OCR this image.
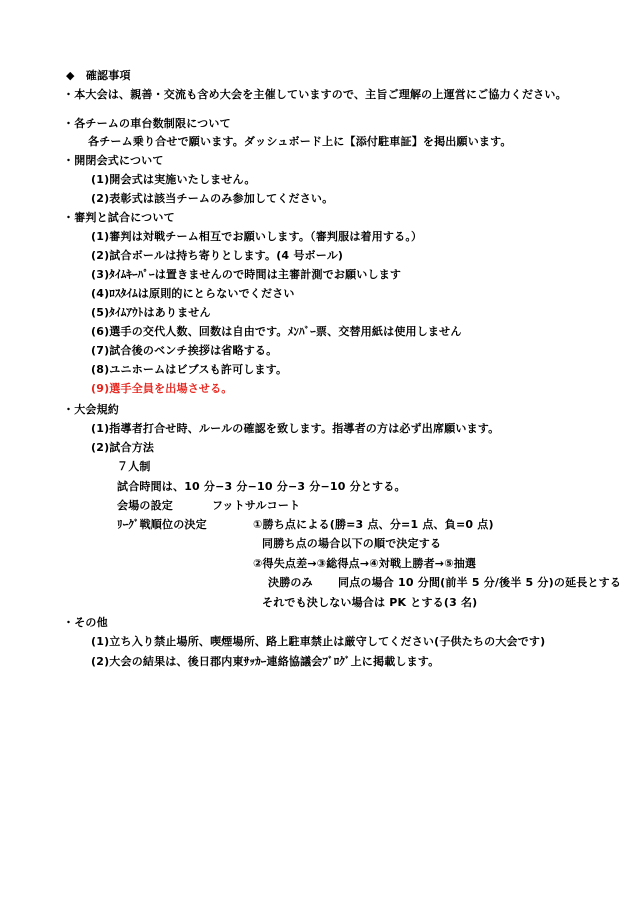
◆　確認事項
・本大会は、親善・交流も含め大会を主催していますので、主旨ご理解の上運営にご協力ください。
・各チームの車台数制限について
各チーム乗り合せで願います。ダッシュボード上に【添付駐車証】を掲出願います。
・開閉会式について
(1)開会式は実施いたしません。
(2)表彰式は該当チームのみ参加してください。
・審判と試合について
(1)審判は対戦チーム相互でお願いします。（審判服は着用する。）
(2)試合ボールは持ち寄りとします。(4 号ボール)
(3)ﾀｲﾑｷｰﾊﾟｰは置きませんので時間は主審計測でお願いします
(4)ﾛｽﾀｲﾑは原則的にとらないでください
(5)ﾀｲﾑｱｳﾄはありません
(6)選手の交代人数、回数は自由です。ﾒﾝﾊﾞｰ票、交替用紙は使用しません
(7)試合後のベンチ挨拶は省略する。
(8)ユニホームはビブスも許可します。
(9)選手全員を出場させる。
・大会規約
(1)指導者打合せ時、ルールの確認を致します。指導者の方は必ず出席願います。
(2)試合方法
７人制
試合時間は、10 分−3 分−10 分−3 分−10 分とする。
会場の設定	フットサルコート
ﾘｰｸﾞ戦順位の決定	①勝ち点による(勝=3 点、分=1 点、負=0 点)
同勝ち点の場合以下の順で決定する
②得失点差→③総得点→④対戦上勝者→⑤抽選
決勝のみ 同点の場合 10 分間(前半 5 分/後半 5 分)の延長とする
それでも決しない場合は PK とする(3 名)
・その他
(1)立ち入り禁止場所、喫煙場所、路上駐車禁止は厳守してください(子供たちの大会です)
(2)大会の結果は、後日郡内東ｻｯｶｰ連絡協議会ﾌﾞﾛｸﾞ上に掲載します。
